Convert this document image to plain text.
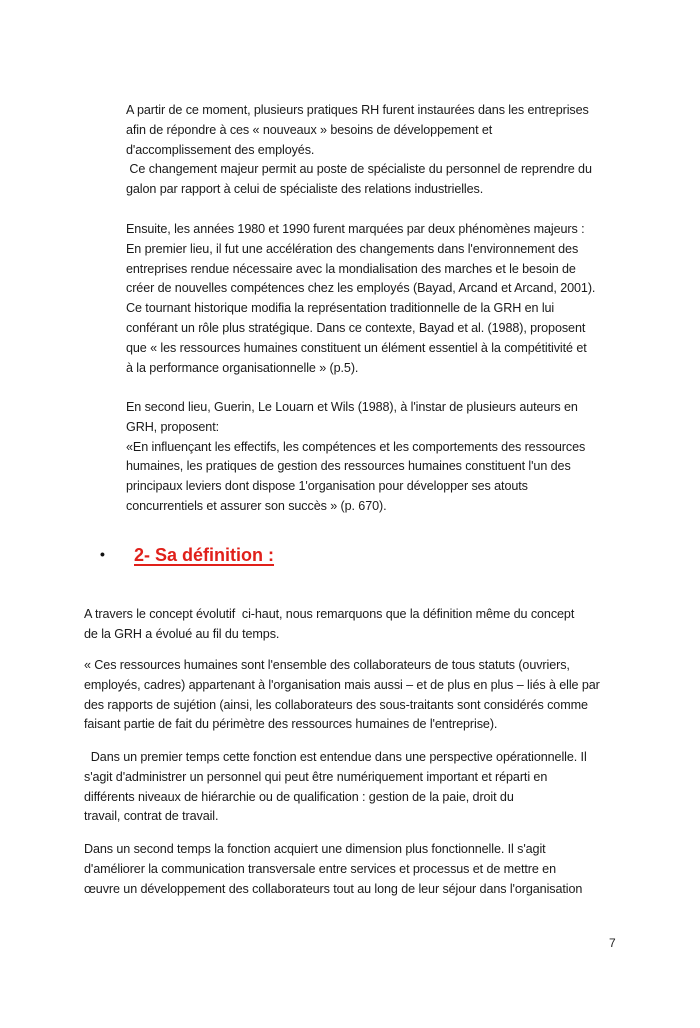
A partir de ce moment, plusieurs pratiques RH furent instaurées dans les entreprises
afin de répondre à ces « nouveaux » besoins de développement et
d'accomplissement des employés.
Ce changement majeur permit au poste de spécialiste du personnel de reprendre du
galon par rapport à celui de spécialiste des relations industrielles.

Ensuite, les années 1980 et 1990 furent marquées par deux phénomènes majeurs :
En premier lieu, il fut une accélération des changements dans l'environnement des
entreprises rendue nécessaire avec la mondialisation des marches et le besoin de
créer de nouvelles compétences chez les employés (Bayad, Arcand et Arcand, 2001).
Ce tournant historique modifia la représentation traditionnelle de la GRH en lui
conférant un rôle plus stratégique. Dans ce contexte, Bayad et al. (1988), proposent
que « les ressources humaines constituent un élément essentiel à la compétitivité et
à la performance organisationnelle » (p.5).

En second lieu, Guerin, Le Louarn et Wils (1988), à l'instar de plusieurs auteurs en
GRH, proposent:
«En influençant les effectifs, les compétences et les comportements des ressources
humaines, les pratiques de gestion des ressources humaines constituent l'un des
principaux leviers dont dispose 1'organisation pour développer ses atouts
concurrentiels et assurer son succès » (p. 670).

• 2- Sa définition :

A travers le concept évolutif  ci-haut, nous remarquons que la définition même du concept
de la GRH a évolué au fil du temps.

« Ces ressources humaines sont l'ensemble des collaborateurs de tous statuts (ouvriers,
employés, cadres) appartenant à l'organisation mais aussi – et de plus en plus – liés à elle par
des rapports de sujétion (ainsi, les collaborateurs des sous-traitants sont considérés comme
faisant partie de fait du périmètre des ressources humaines de l'entreprise).

Dans un premier temps cette fonction est entendue dans une perspective opérationnelle. Il
s'agit d'administrer un personnel qui peut être numériquement important et réparti en
différents niveaux de hiérarchie ou de qualification : gestion de la paie, droit du
travail, contrat de travail.

Dans un second temps la fonction acquiert une dimension plus fonctionnelle. Il s'agit
d'améliorer la communication transversale entre services et processus et de mettre en
œuvre un développement des collaborateurs tout au long de leur séjour dans l'organisation

7
